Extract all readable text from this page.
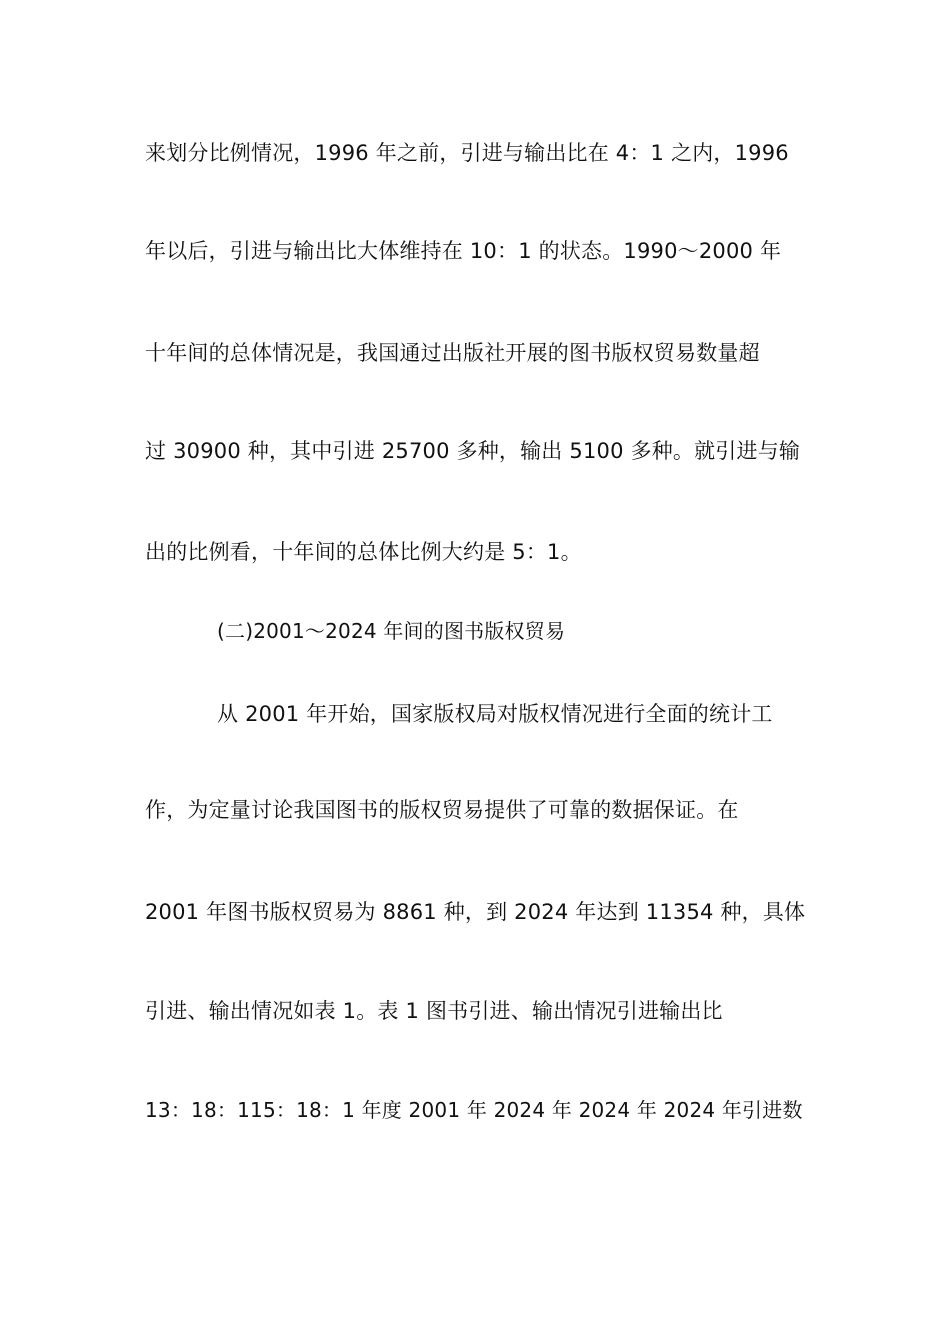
来划分比例情况，1996 年之前，引进与输出比在 4：1 之内，1996
年以后，引进与输出比大体维持在 10：1 的状态。1990～2000 年
十年间的总体情况是，我国通过出版社开展的图书版权贸易数量超
过 30900 种，其中引进 25700 多种，输出 5100 多种。就引进与输
出的比例看，十年间的总体比例大约是 5：1。
(二)2001～2024 年间的图书版权贸易
从 2001 年开始，国家版权局对版权情况进行全面的统计工
作，为定量讨论我国图书的版权贸易提供了可靠的数据保证。在
2001 年图书版权贸易为 8861 种，到 2024 年达到 11354 种，具体
引进、输出情况如表 1。表 1 图书引进、输出情况引进输出比
13：18：115：18：1 年度 2001 年 2024 年 2024 年 2024 年引进数
